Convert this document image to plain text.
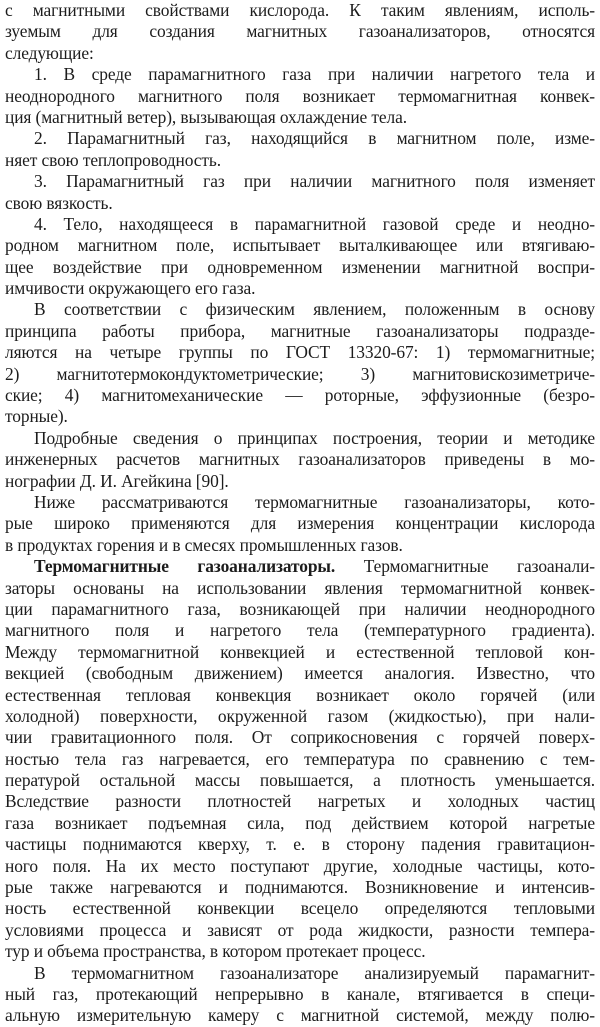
с магнитными свойствами кислорода. К таким явлениям, исполь-
зуемым для создания магнитных газоанализаторов, относятся
следующие:

1. В среде парамагнитного газа при наличии нагретого тела и
неоднородного магнитного поля возникает термомагнитная конвек-
ция (магнитный ветер), вызывающая охлаждение тела.

2. Парамагнитный газ, находящийся в магнитном поле, изме-
няет свою теплопроводность.

3. Парамагнитный газ при наличии магнитного поля изменяет
свою вязкость.

4. Тело, находящееся в парамагнитной газовой среде и неодно-
родном магнитном поле, испытывает выталкивающее или втягиваю-
щее воздействие при одновременном изменении магнитной воспри-
имчивости окружающего его газа.

В соответствии с физическим явлением, положенным в основу
принципа работы прибора, магнитные газоанализаторы подразде-
ляются на четыре группы по ГОСТ 13320-67: 1) термомагнитные;
2) магнитотермокондуктометрические; 3) магнитовискозиметриче-
ские; 4) магнитомеханические — роторные, эффузионные (безро-
торные).

Подробные сведения о принципах построения, теории и методике
инженерных расчетов магнитных газоанализаторов приведены в мо-
нографии Д. И. Агейкина [90].

Ниже рассматриваются термомагнитные газоанализаторы, кото-
рые широко применяются для измерения концентрации кислорода
в продуктах горения и в смесях промышленных газов.

Термомагнитные газоанализаторы. Термомагнитные газоанали-
заторы основаны на использовании явления термомагнитной конвек-
ции парамагнитного газа, возникающей при наличии неоднородного
магнитного поля и нагретого тела (температурного градиента).
Между термомагнитной конвекцией и естественной тепловой кон-
векцией (свободным движением) имеется аналогия. Известно, что
естественная тепловая конвекция возникает около горячей (или
холодной) поверхности, окруженной газом (жидкостью), при нали-
чии гравитационного поля. От соприкосновения с горячей поверх-
ностью тела газ нагревается, его температура по сравнению с тем-
пературой остальной массы повышается, а плотность уменьшается.
Вследствие разности плотностей нагретых и холодных частиц
газа возникает подъемная сила, под действием которой нагретые
частицы поднимаются кверху, т. е. в сторону падения гравитацион-
ного поля. На их место поступают другие, холодные частицы, кото-
рые также нагреваются и поднимаются. Возникновение и интенсив-
ность естественной конвекции всецело определяются тепловыми
условиями процесса и зависят от рода жидкости, разности темпера-
тур и объема пространства, в котором протекает процесс.

В термомагнитном газоанализаторе анализируемый парамагнит-
ный газ, протекающий непрерывно в канале, втягивается в специ-
альную измерительную камеру с магнитной системой, между полю-
